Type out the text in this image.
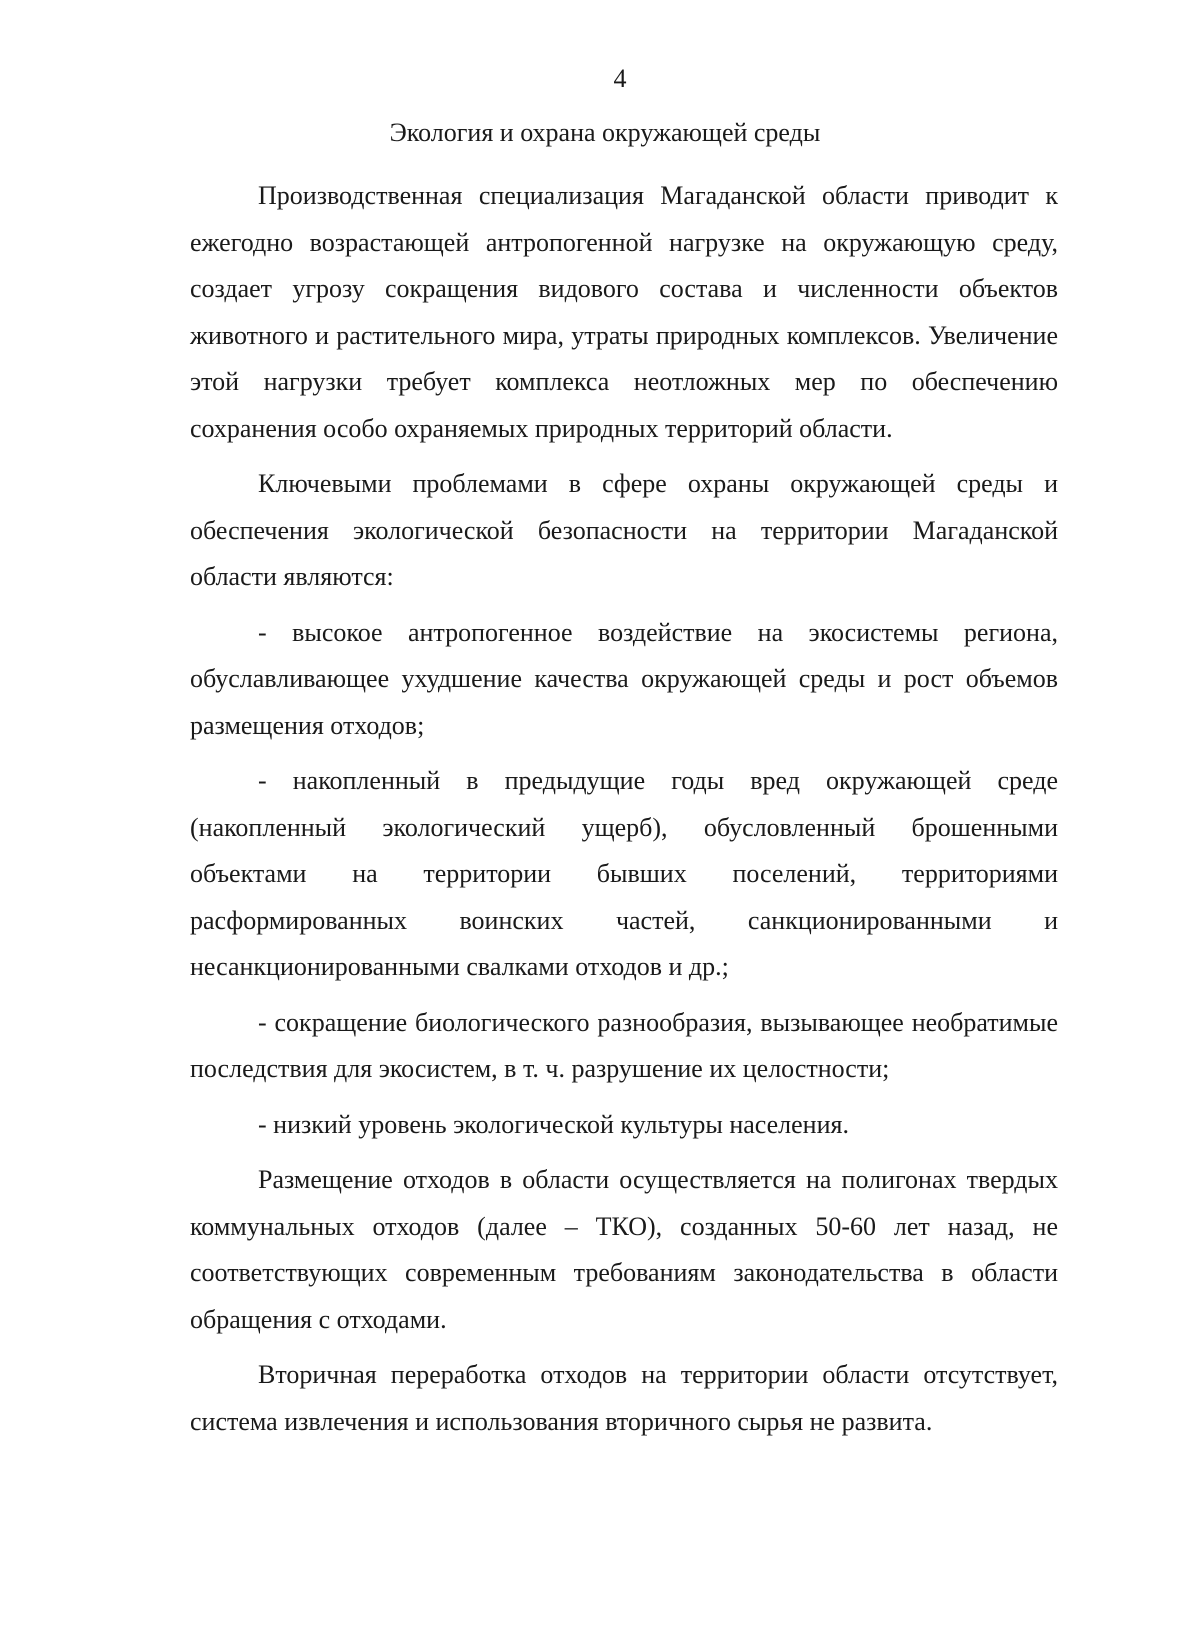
4
Экология и охрана окружающей среды

Производственная специализация Магаданской области приводит к ежегодно возрастающей антропогенной нагрузке на окружающую среду, создает угрозу сокращения видового состава и численности объектов животного и растительного мира, утраты природных комплексов. Увеличение этой нагрузки требует комплекса неотложных мер по обеспечению сохранения особо охраняемых природных территорий области.

Ключевыми проблемами в сфере охраны окружающей среды и обеспечения экологической безопасности на территории Магаданской области являются:

- высокое антропогенное воздействие на экосистемы региона, обуславливающее ухудшение качества окружающей среды и рост объемов размещения отходов;

- накопленный в предыдущие годы вред окружающей среде (накопленный экологический ущерб), обусловленный брошенными объектами на территории бывших поселений, территориями расформированных воинских частей, санкционированными и несанкционированными свалками отходов и др.;

- сокращение биологического разнообразия, вызывающее необратимые последствия для экосистем, в т. ч. разрушение их целостности;

- низкий уровень экологической культуры населения.

Размещение отходов в области осуществляется на полигонах твердых коммунальных отходов (далее – ТКО), созданных 50-60 лет назад, не соответствующих современным требованиям законодательства в области обращения с отходами.

Вторичная переработка отходов на территории области отсутствует, система извлечения и использования вторичного сырья не развита.
